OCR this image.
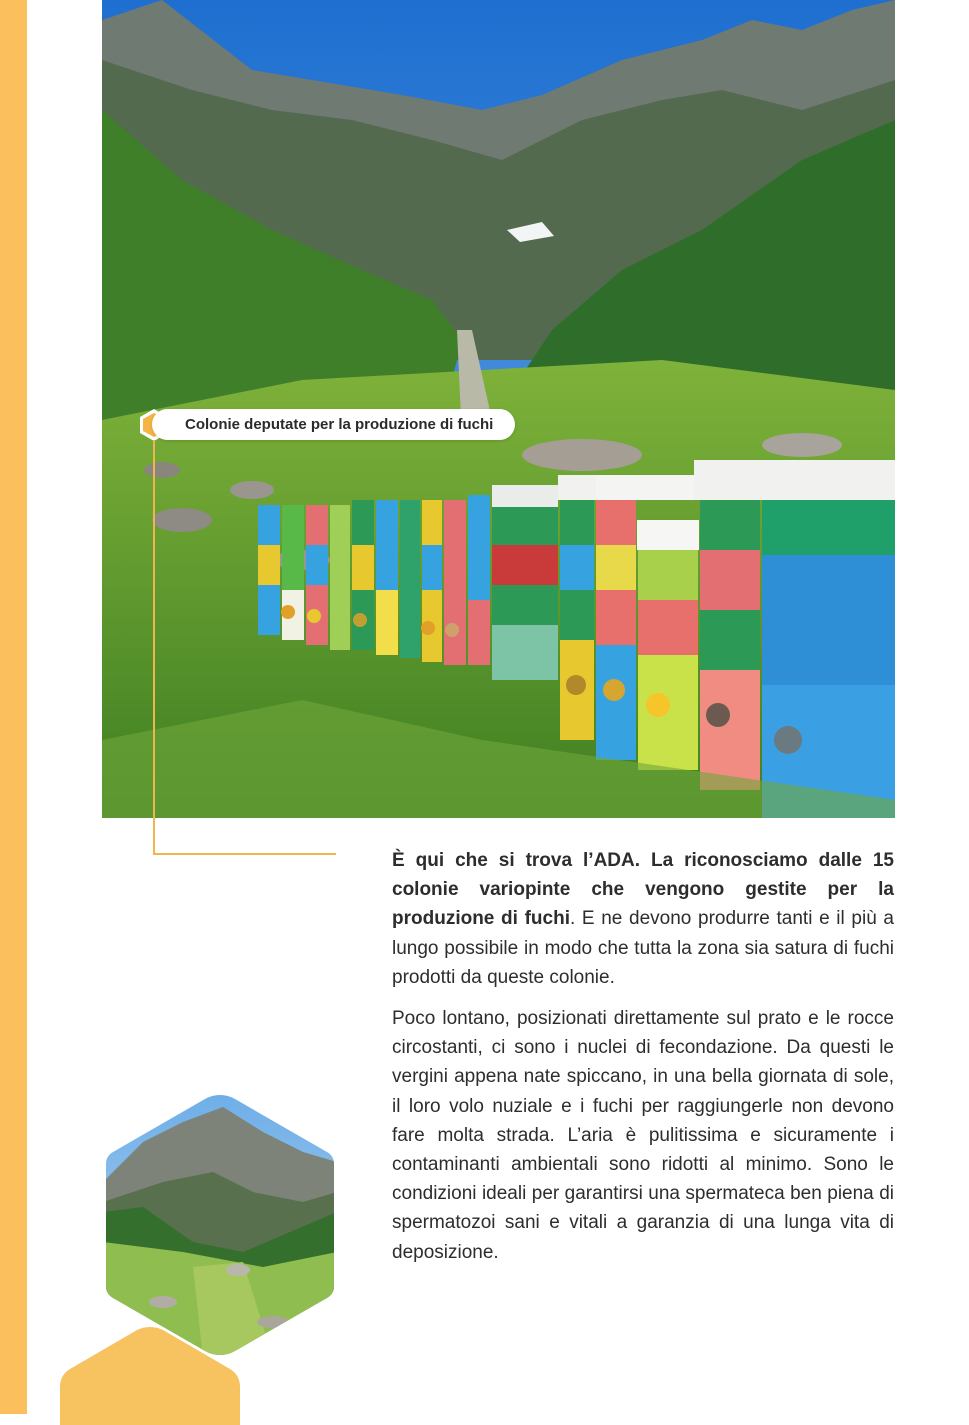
Colonie deputate per la produzione di fuchi

È qui che si trova l’ADA. La riconosciamo dalle 15 colonie variopinte che vengono gestite per la produzione di fuchi. E ne devono produrre tanti e il più a lungo possibile in modo che tutta la zona sia satura di fuchi prodotti da queste colonie.

Poco lontano, posizionati direttamente sul prato e le rocce circostanti, ci sono i nuclei di fecondazione. Da questi le vergini appena nate spiccano, in una bella giornata di sole, il loro volo nuziale e i fuchi per raggiungerle non devono fare molta strada. L’aria è pulitissima e sicuramente i contaminanti ambientali sono ridotti al minimo. Sono le condizioni ideali per garantirsi una spermateca ben piena di spermatozoi sani e vitali a garanzia di una lunga vita di deposizione.
